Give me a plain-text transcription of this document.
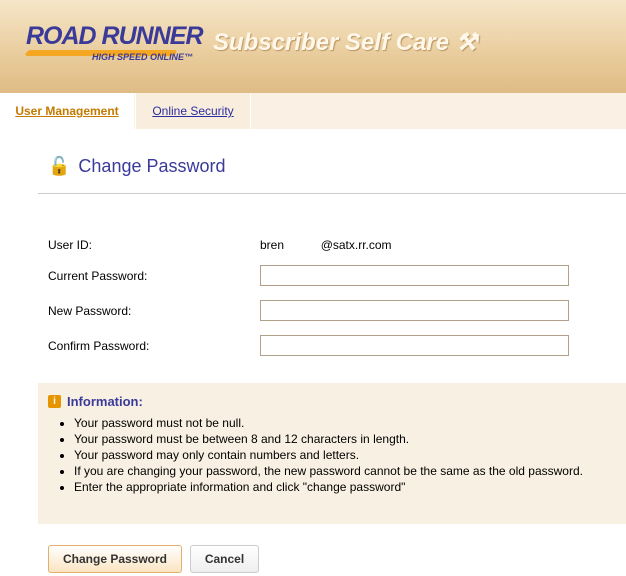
ROAD RUNNER
HIGH SPEED ONLINE™
Subscriber Self Care ⚒
User Management	Online Security
🔓 Change Password
User ID:	bren           @satx.rr.com
Current Password:
New Password:
Confirm Password:
i Information:
• Your password must not be null.
• Your password must be between 8 and 12 characters in length.
• Your password may only contain numbers and letters.
• If you are changing your password, the new password cannot be the same as the old password.
• Enter the appropriate information and click "change password"
Change Password	Cancel
